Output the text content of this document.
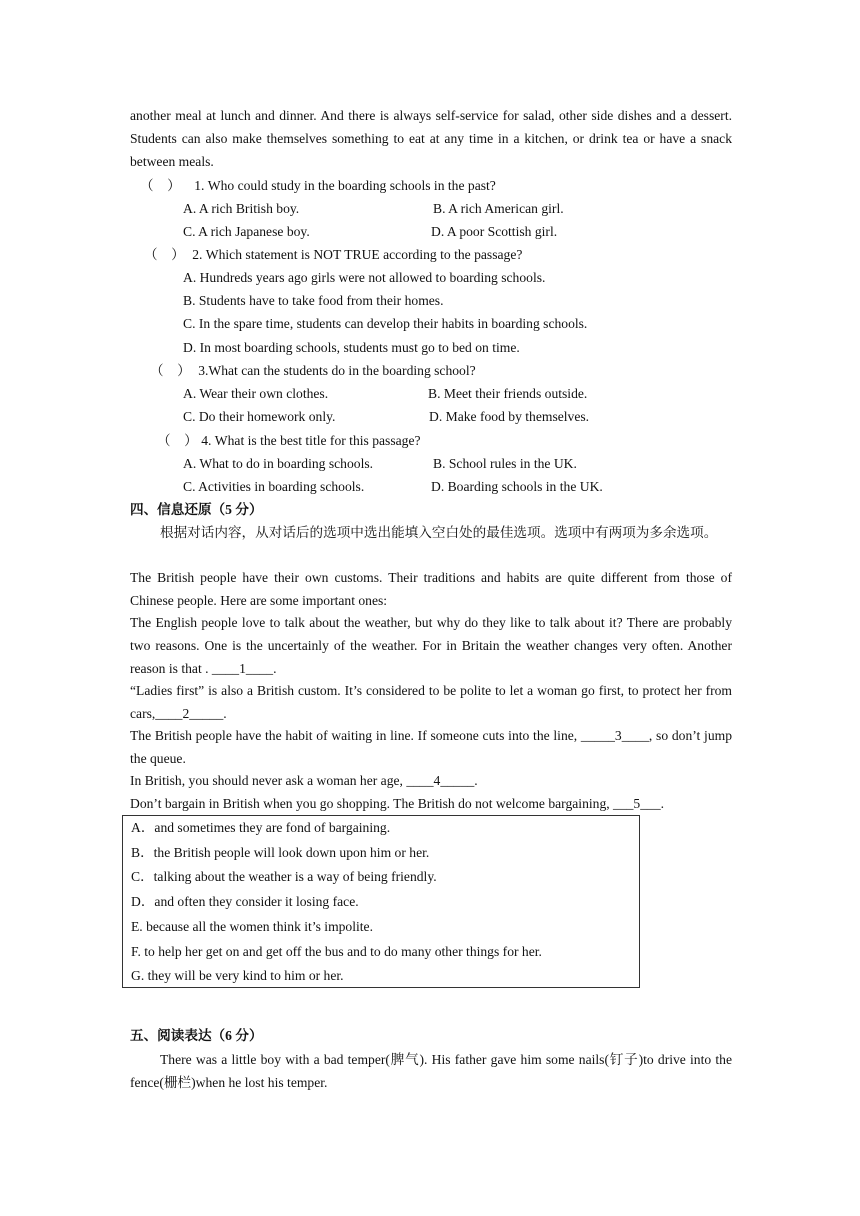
another meal at lunch and dinner. And there is always self-service for salad, other side dishes and a dessert. Students can also make themselves something to eat at any time in a kitchen, or drink tea or have a snack between meals.
（　） 1. Who could study in the boarding schools in the past?
A. A rich British boy.	B. A rich American girl.
C. A rich Japanese boy.	D. A poor Scottish girl.
（　） 2. Which statement is NOT TRUE according to the passage?
A. Hundreds years ago girls were not allowed to boarding schools.
B. Students have to take food from their homes.
C. In the spare time, students can develop their habits in boarding schools.
D. In most boarding schools, students must go to bed on time.
（　） 3.What can the students do in the boarding school?
A. Wear their own clothes.	B. Meet their friends outside.
C. Do their homework only.	D. Make food by themselves.
（　） 4. What is the best title for this passage?
A. What to do in boarding schools.	B. School rules in the UK.
C. Activities in boarding schools.	D. Boarding schools in the UK.
四、信息还原（5 分）
根据对话内容，从对话后的选项中选出能填入空白处的最佳选项。选项中有两项为多余选项。
The British people have their own customs. Their traditions and habits are quite different from those of Chinese people. Here are some important ones:
The English people love to talk about the weather, but why do they like to talk about it? There are probably two reasons. One is the uncertainly of the weather. For in Britain the weather changes very often. Another reason is that . ____1____.
“Ladies first” is also a British custom. It’s considered to be polite to let a woman go first, to protect her from cars,____2_____.
The British people have the habit of waiting in line. If someone cuts into the line, _____3____, so don’t jump the queue.
In British, you should never ask a woman her age, ____4_____.
Don’t bargain in British when you go shopping. The British do not welcome bargaining, ___5___.
A．and sometimes they are fond of bargaining.
B．the British people will look down upon him or her.
C．talking about the weather is a way of being friendly.
D．and often they consider it losing face.
E. because all the women think it’s impolite.
F. to help her get on and get off the bus and to do many other things for her.
G. they will be very kind to him or her.
五、阅读表达（6 分）
There was a little boy with a bad temper(脾气). His father gave him some nails(钉子)to drive into the fence(栅栏)when he lost his temper.
